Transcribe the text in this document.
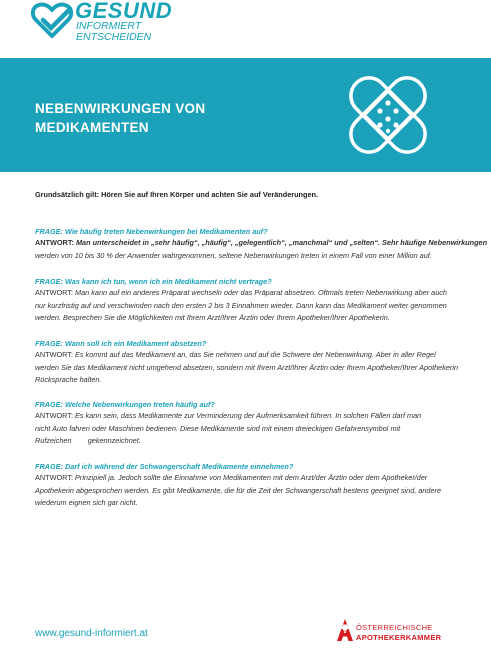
GESUND
INFORMIERT
ENTSCHEIDEN
NEBENWIRKUNGEN VON
MEDIKAMENTEN
Grundsätzlich gilt: Hören Sie auf Ihren Körper und achten Sie auf Veränderungen.
FRAGE: Wie häufig treten Nebenwirkungen bei Medikamenten auf?
ANTWORT: Man unterscheidet in „sehr häufig“, „häufig“, „gelegentlich“, „manchmal“ und „selten“. Sehr häufige Nebenwirkungen
werden von 10 bis 30 % der Anwender wahrgenommen, seltene Nebenwirkungen treten in einem Fall von einer Million auf.
FRAGE: Was kann ich tun, wenn ich ein Medikament nicht vertrage?
ANTWORT: Man kann auf ein anderes Präparat wechseln oder das Präparat absetzen. Oftmals treten Nebenwirkung aber auch
nur kurzfristig auf und verschwinden nach den ersten 2 bis 3 Einnahmen wieder. Dann kann das Medikament weiter genommen
werden. Besprechen Sie die Möglichkeiten mit Ihrem Arzt/Ihrer Ärztin oder Ihrem Apotheker/Ihrer Apothekerin.
FRAGE: Wann soll ich ein Medikament absetzen?
ANTWORT: Es kommt auf das Medikament an, das Sie nehmen und auf die Schwere der Nebenwirkung. Aber in aller Regel
werden Sie das Medikament nicht umgehend absetzen, sondern mit Ihrem Arzt/Ihrer Ärztin oder Ihrem Apotheker/Ihrer Apothekerin
Rücksprache halten.
FRAGE: Welche Nebenwirkungen treten häufig auf?
ANTWORT: Es kann sein, dass Medikamente zur Verminderung der Aufmerksamkeit führen. In solchen Fällen darf man
nicht Auto fahren oder Maschinen bedienen. Diese Medikamente sind mit einem dreieckigen Gefahrensymbol mit
Rufzeichen        gekennzeichnet.
FRAGE: Darf ich während der Schwangerschaft Medikamente einnehmen?
ANTWORT: Prinzipiell ja. Jedoch sollte die Einnahme von Medikamenten mit dem Arzt/der Ärztin oder dem Apotheker/der
Apothekerin abgesprochen werden. Es gibt Medikamente, die für die Zeit der Schwangerschaft bestens geeignet sind, andere
wiederum eignen sich gar nicht.
www.gesund-informiert.at
ÖSTERREICHISCHE
APOTHEKERKAMMER
